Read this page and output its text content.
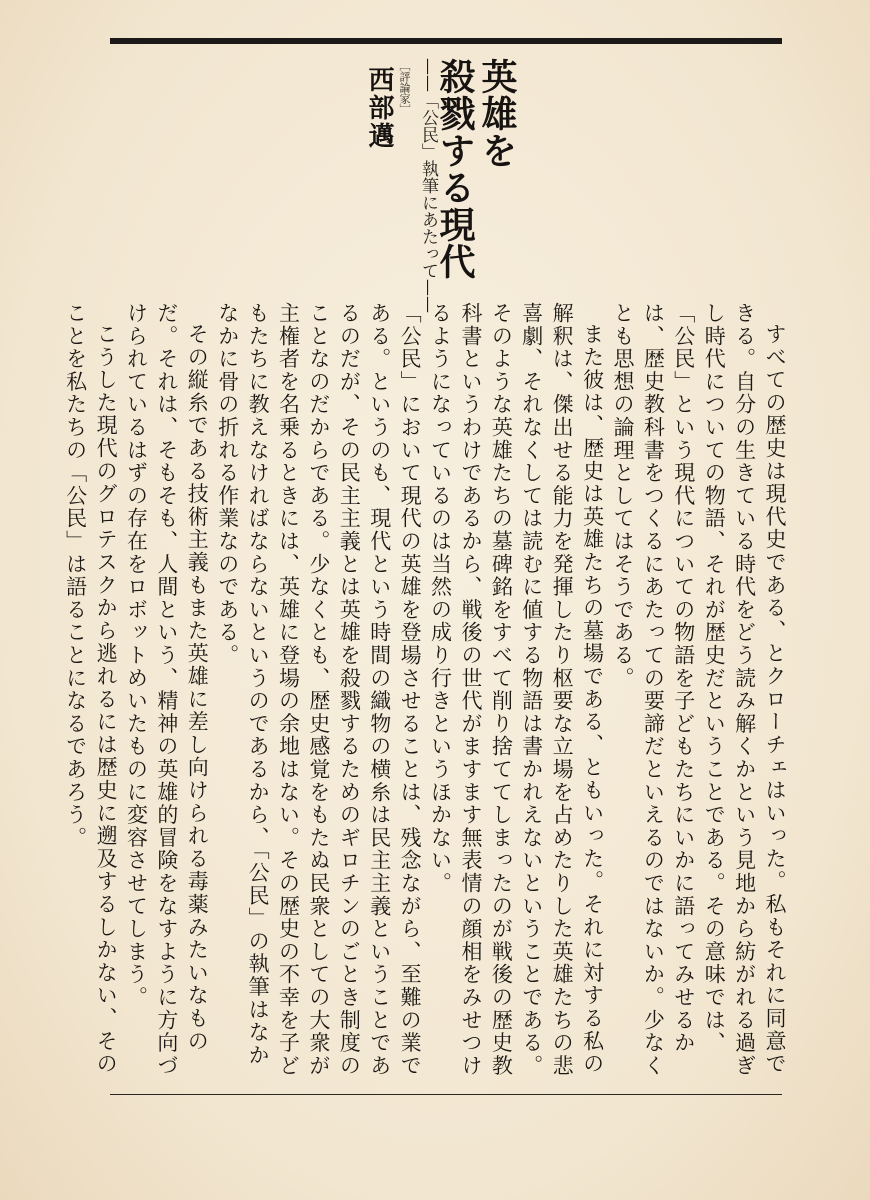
英雄を
殺戮する現代
——「公民」執筆にあたって——
［評論家］
西部邁

すべての歴史は現代史である、とクローチェはいった。私もそれに同意できる。自分の生きている時代をどう読み解くかという見地から紡がれる過ぎし時代についての物語、それが歴史だということである。その意味では、「公民」という現代についての物語を子どもたちにいかに語ってみせるかは、歴史教科書をつくるにあたっての要諦だといえるのではないか。少なくとも思想の論理としてはそうである。

また彼は、歴史は英雄たちの墓場である、ともいった。それに対する私の解釈は、傑出せる能力を発揮したり枢要な立場を占めたりした英雄たちの悲喜劇、それなくしては読むに値する物語は書かれえないということである。そのような英雄たちの墓碑銘をすべて削り捨ててしまったのが戦後の歴史教科書というわけであるから、戦後の世代がますます無表情の顔相をみせつけるようになっているのは当然の成り行きというほかない。

「公民」において現代の英雄を登場させることは、残念ながら、至難の業である。というのも、現代という時間の織物の横糸は民主主義ということであるのだが、その民主主義とは英雄を殺戮するためのギロチンのごとき制度のことなのだからである。少なくとも、歴史感覚をもたぬ民衆としての大衆が主権者を名乗るときには、英雄に登場の余地はない。その歴史の不幸を子どもたちに教えなければならないというのであるから、「公民」の執筆はなかなかに骨の折れる作業なのである。

その縦糸である技術主義もまた英雄に差し向けられる毒薬みたいなものだ。それは、そもそも、人間という、精神の英雄的冒険をなすように方向づけられているはずの存在をロボットめいたものに変容させてしまう。

こうした現代のグロテスクから逃れるには歴史に遡及するしかない、そのことを私たちの「公民」は語ることになるであろう。
